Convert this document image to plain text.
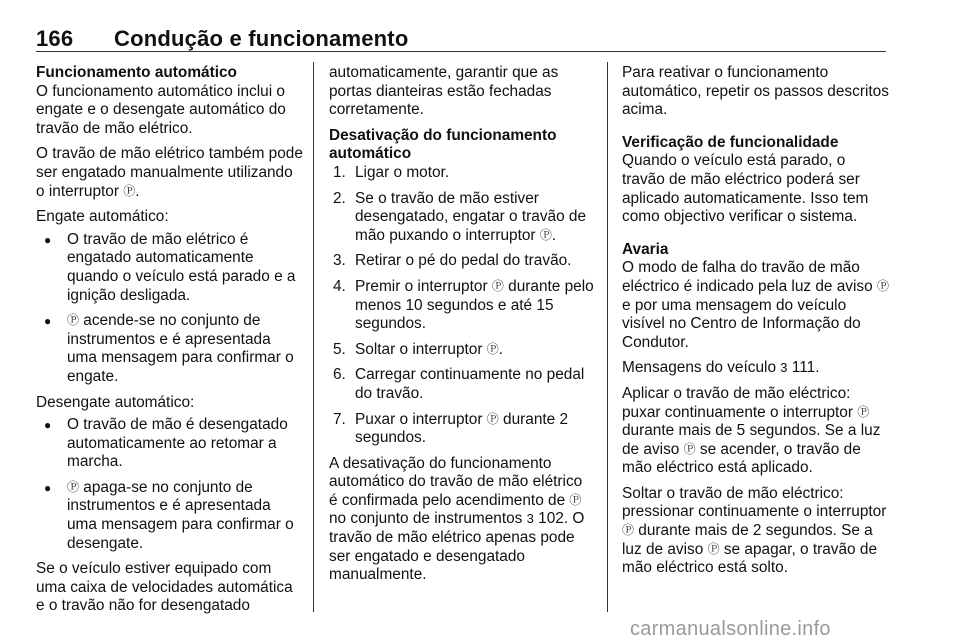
166 Condução e funcionamento
Funcionamento automático

O funcionamento automático inclui o engate e o desengate automático do travão de mão elétrico.

O travão de mão elétrico também pode ser engatado manualmente utilizando o interruptor Ⓟ.

Engate automático:

● O travão de mão elétrico é engatado automaticamente quando o veículo está parado e a ignição desligada.
● Ⓟ acende-se no conjunto de instrumentos e é apresentada uma mensagem para confirmar o engate.

Desengate automático:

● O travão de mão é desengatado automaticamente ao retomar a marcha.
● Ⓟ apaga-se no conjunto de instrumentos e é apresentada uma mensagem para confirmar o desengate.

Se o veículo estiver equipado com uma caixa de velocidades automática e o travão não for desengatado

automaticamente, garantir que as portas dianteiras estão fechadas corretamente.

Desativação do funcionamento automático
1. Ligar o motor.
2. Se o travão de mão estiver desengatado, engatar o travão de mão puxando o interruptor Ⓟ.
3. Retirar o pé do pedal do travão.
4. Premir o interruptor Ⓟ durante pelo menos 10 segundos e até 15 segundos.
5. Soltar o interruptor Ⓟ.
6. Carregar continuamente no pedal do travão.
7. Puxar o interruptor Ⓟ durante 2 segundos.

A desativação do funcionamento automático do travão de mão elétrico é confirmada pelo acendimento de Ⓟ no conjunto de instrumentos 3 102. O travão de mão elétrico apenas pode ser engatado e desengatado manualmente.

Para reativar o funcionamento automático, repetir os passos descritos acima.

Verificação de funcionalidade

Quando o veículo está parado, o travão de mão eléctrico poderá ser aplicado automaticamente. Isso tem como objectivo verificar o sistema.

Avaria

O modo de falha do travão de mão eléctrico é indicado pela luz de aviso Ⓟ e por uma mensagem do veículo visível no Centro de Informação do Condutor.

Mensagens do veículo 3 111.

Aplicar o travão de mão eléctrico: puxar continuamente o interruptor Ⓟ durante mais de 5 segundos. Se a luz de aviso Ⓟ se acender, o travão de mão eléctrico está aplicado.

Soltar o travão de mão eléctrico: pressionar continuamente o interruptor Ⓟ durante mais de 2 segundos. Se a luz de aviso Ⓟ se apagar, o travão de mão eléctrico está solto.

carmanualsonline.info
